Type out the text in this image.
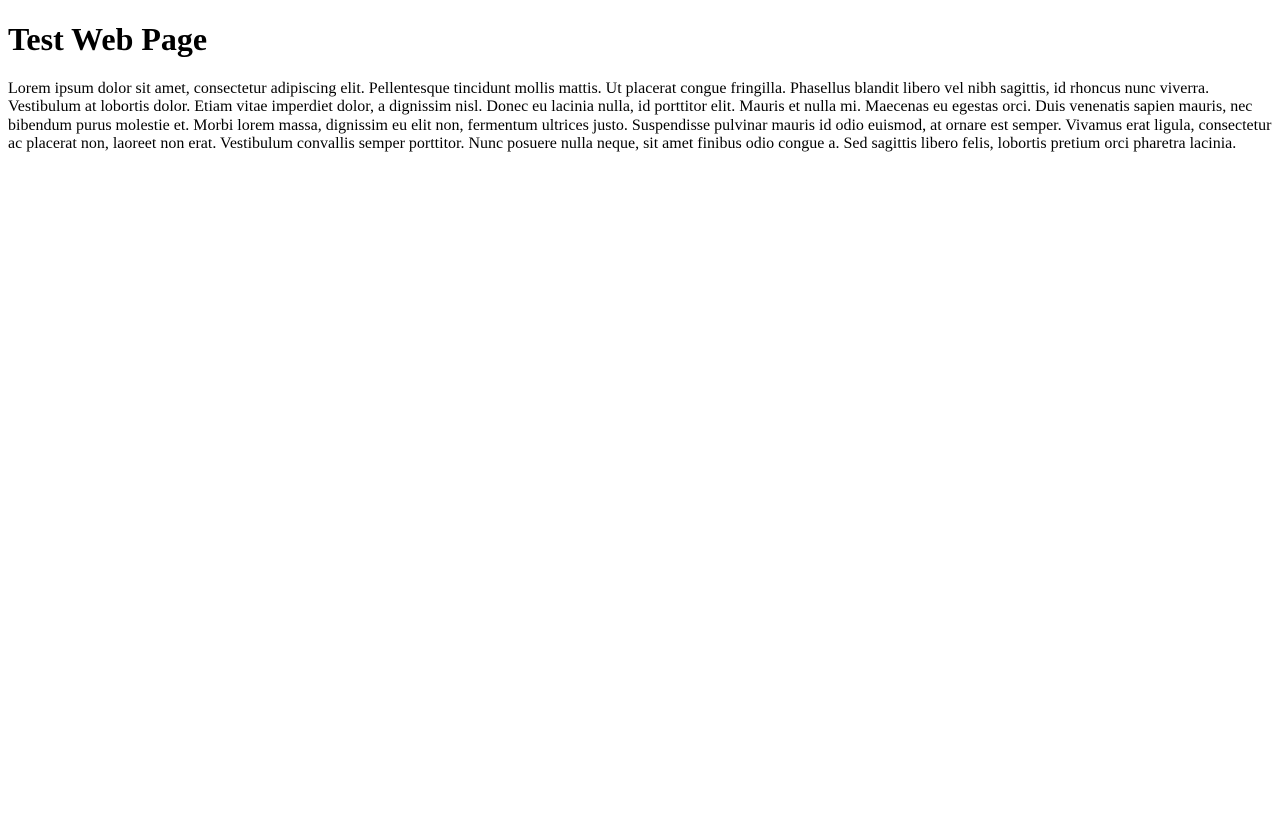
Test Web Page

Lorem ipsum dolor sit amet, consectetur adipiscing elit. Pellentesque tincidunt mollis mattis. Ut placerat congue fringilla. Phasellus blandit libero vel nibh sagittis, id rhoncus nunc viverra. Vestibulum at lobortis dolor. Etiam vitae imperdiet dolor, a dignissim nisl. Donec eu lacinia nulla, id porttitor elit. Mauris et nulla mi. Maecenas eu egestas orci. Duis venenatis sapien mauris, nec bibendum purus molestie et. Morbi lorem massa, dignissim eu elit non, fermentum ultrices justo. Suspendisse pulvinar mauris id odio euismod, at ornare est semper. Vivamus erat ligula, consectetur ac placerat non, laoreet non erat. Vestibulum convallis semper porttitor. Nunc posuere nulla neque, sit amet finibus odio congue a. Sed sagittis libero felis, lobortis pretium orci pharetra lacinia.
